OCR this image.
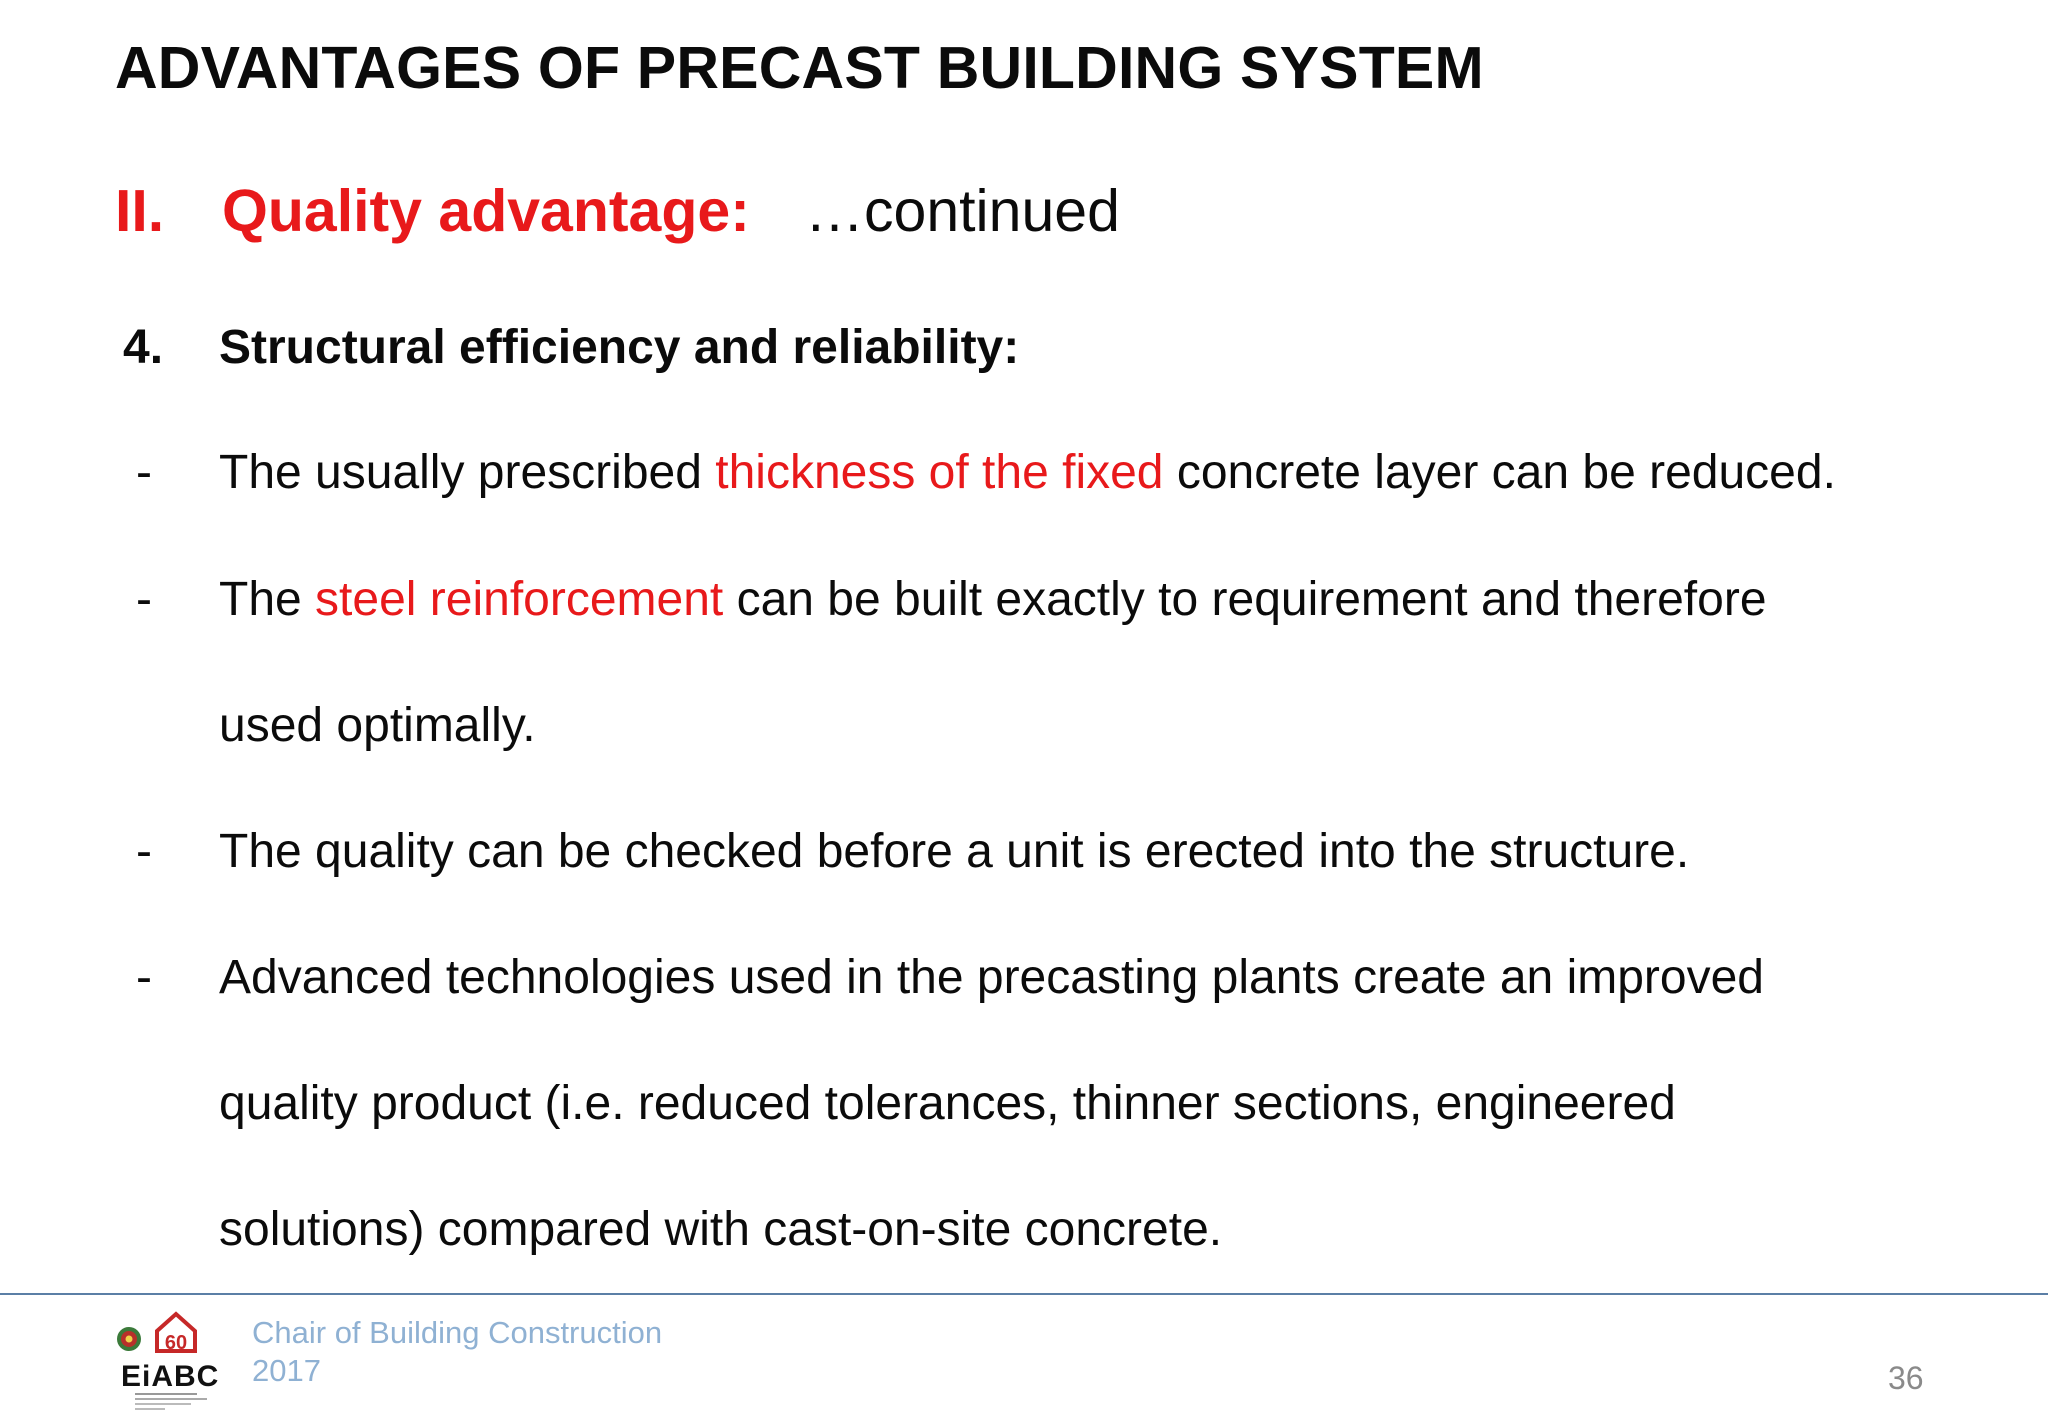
ADVANTAGES OF PRECAST BUILDING SYSTEM
II. Quality advantage: …continued
4. Structural efficiency and reliability:
- The usually prescribed thickness of the fixed concrete layer can be reduced.
- The steel reinforcement can be built exactly to requirement and therefore
used optimally.
- The quality can be checked before a unit is erected into the structure.
- Advanced technologies used in the precasting plants create an improved
quality product (i.e. reduced tolerances, thinner sections, engineered
solutions) compared with cast-on-site concrete.
60
EiABC
Chair of Building Construction
2017	36
